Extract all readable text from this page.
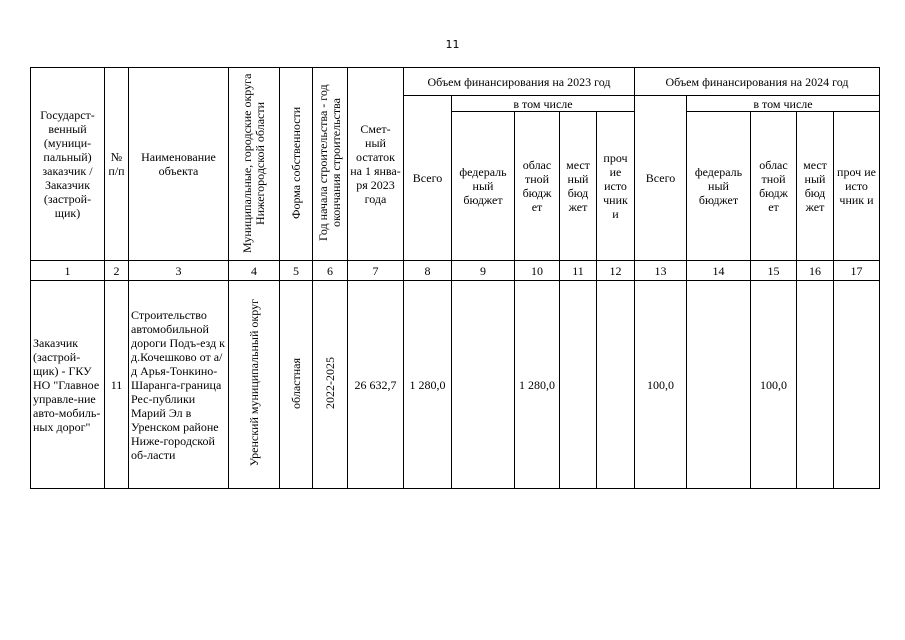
11
Государст-венный (муници-пальный) заказчик / Заказчик (застрой-щик)	№ п/п	Наименование объекта	Муниципальные, городские округа Нижегородской области	Форма собственности	Год начала строительства - год окончания строительства	Смет-ный остаток на 1 янва-ря 2023 года	Объем финансирования на 2023 год					Объем финансирования на 2024 год				
							Всего	в том числе				Всего	в том числе			
								федераль ный бюджет	облас тной бюдж ет	мест ный бюд жет	проч ие исто чник и		федераль ный бюджет	облас тной бюдж ет	мест ный бюд жет	проч ие исто чник и
1	2	3	4	5	6	7	8	9	10	11	12	13	14	15	16	17
Заказчик (застрой-щик) - ГКУ НО "Главное управле-ние авто-мобиль-ных дорог"	11	Строительство автомобильной дороги Подъ-езд к д.Кочешково от а/д Арья-Тонкино-Шаранга-граница Рес-публики Марий Эл в Уренском районе Ниже-городской об-ласти	Уренский муниципальный округ	областная	2022-2025	26 632,7	1 280,0		1 280,0			100,0		100,0		
